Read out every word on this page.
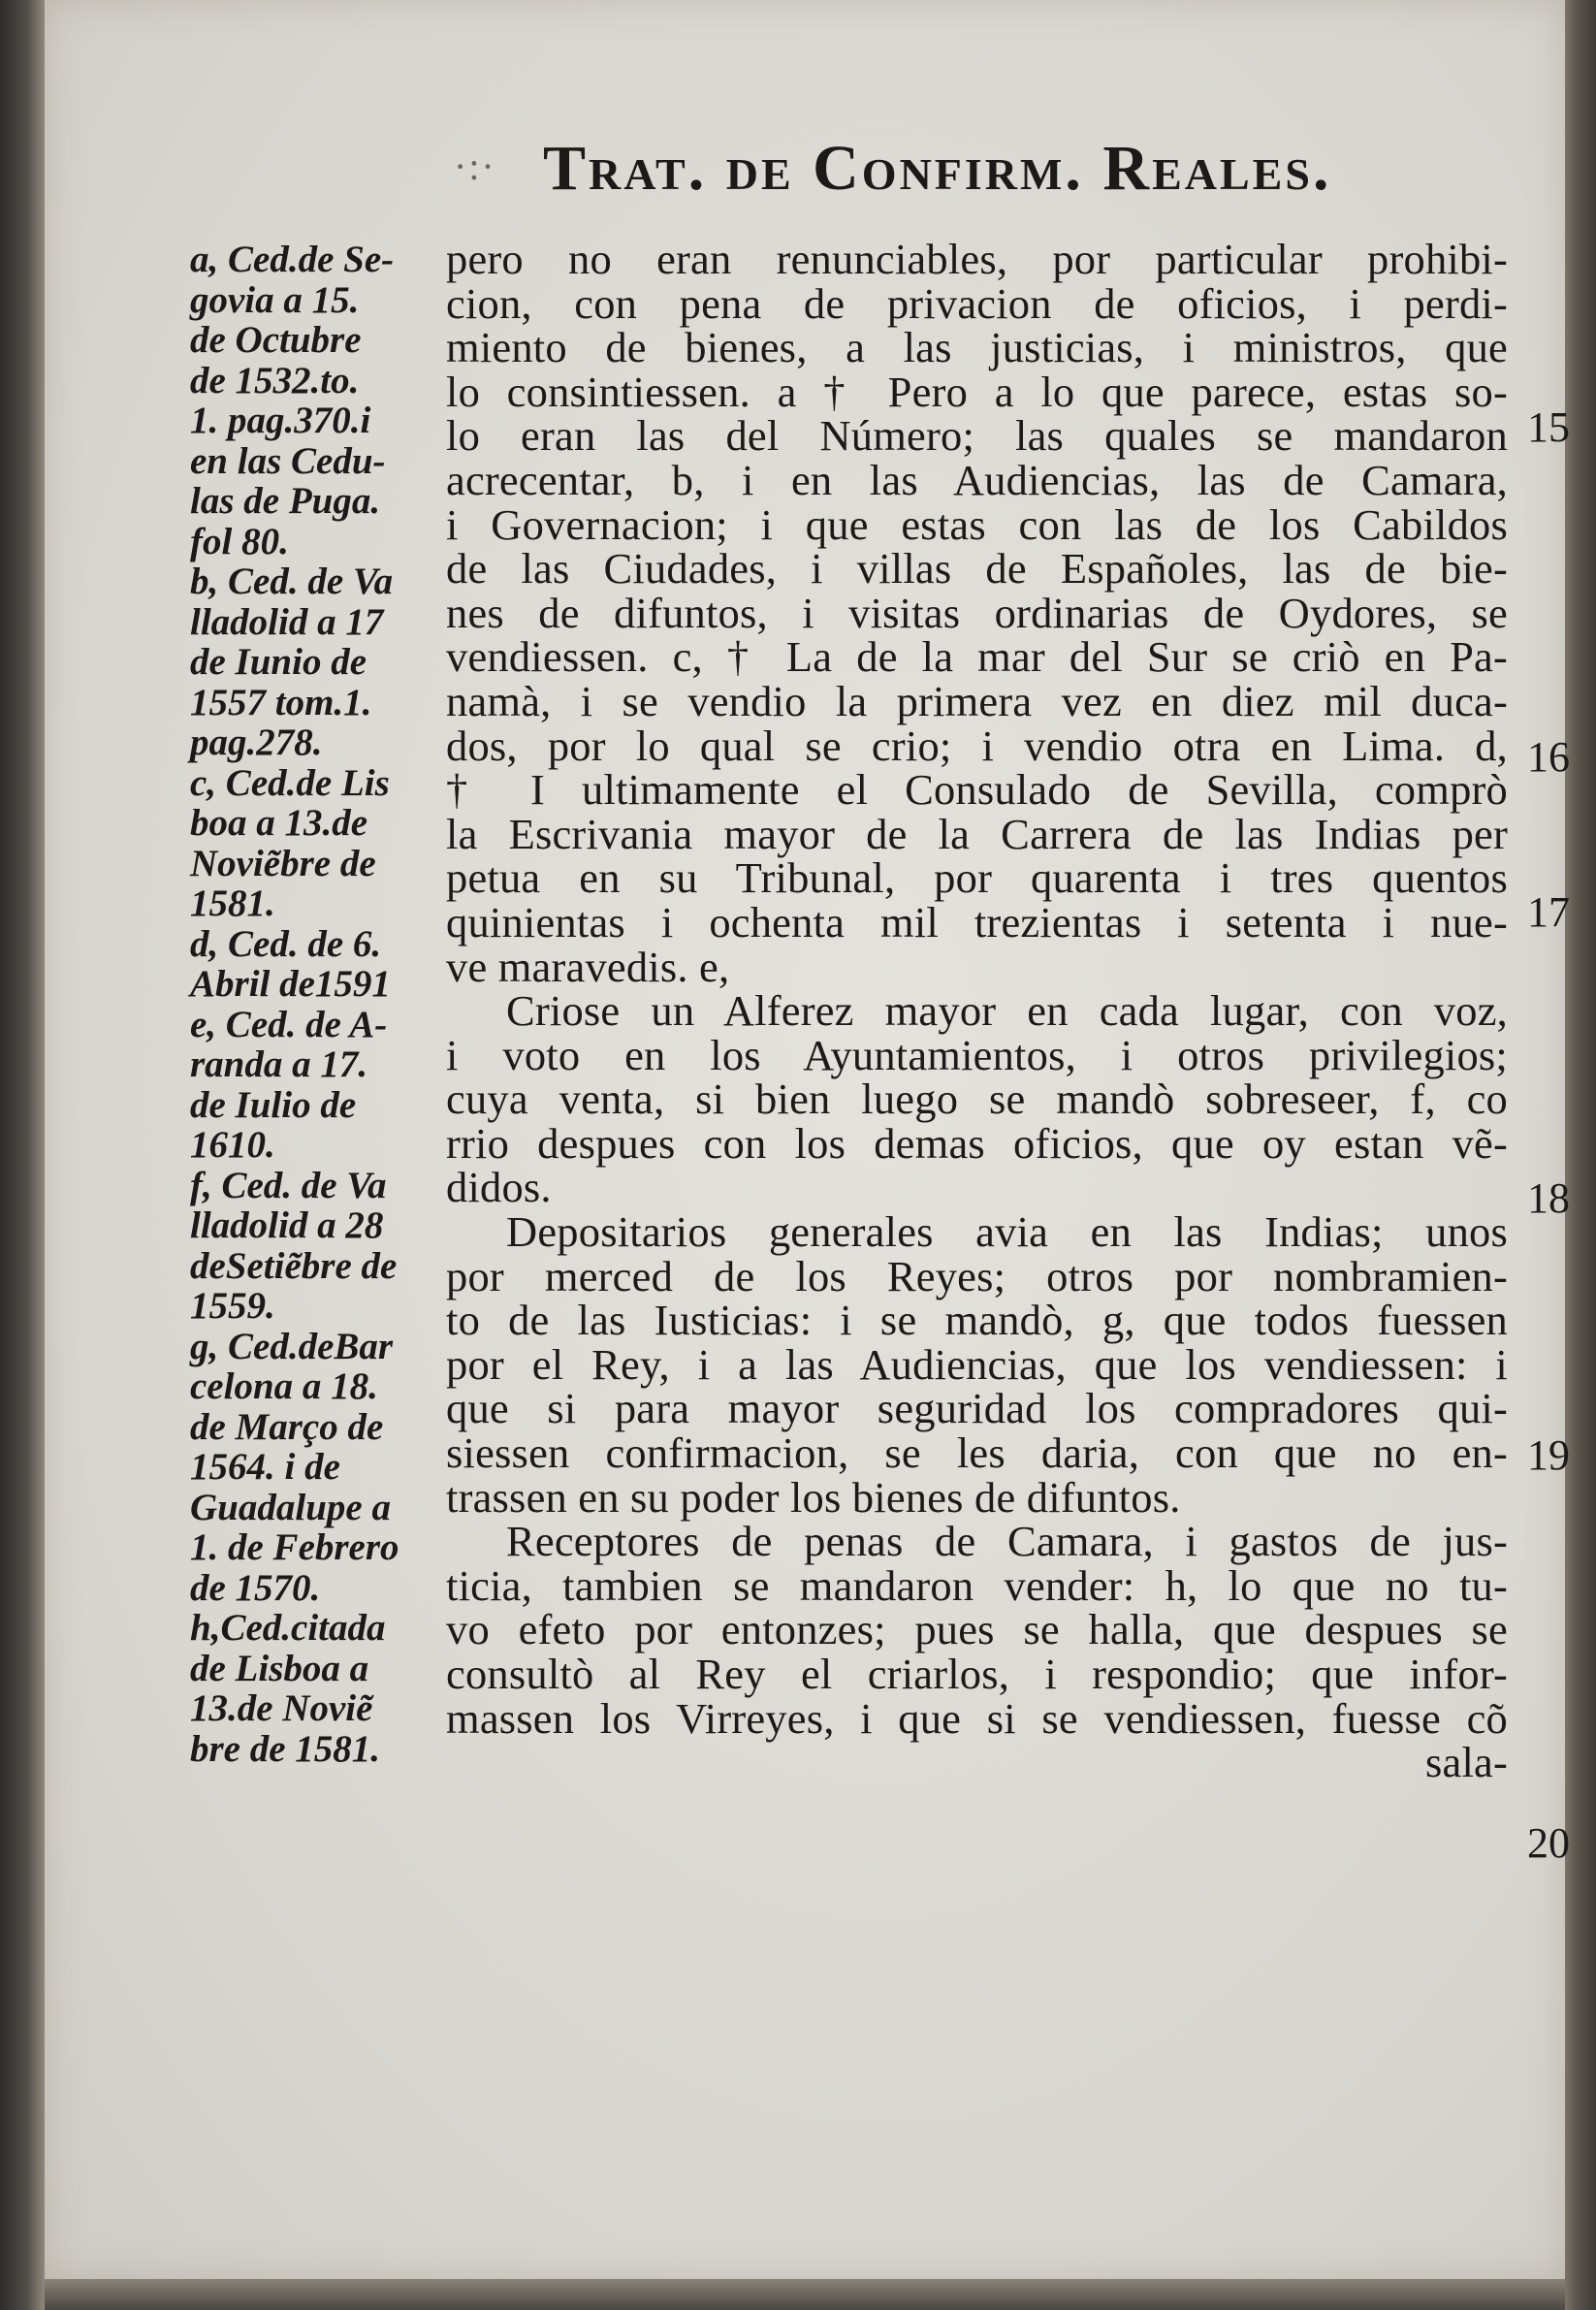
·:· Trat. de Confirm. Reales.
a, Ced.de Se-
govia a 15.
de Octubre
de 1532.to.
1. pag.370.i
en las Cedu-
las de Puga.
fol 80.
b, Ced. de Va
lladolid a 17
de Iunio de
1557 tom.1.
pag.278.
c, Ced.de Lis
boa a 13.de
Noviẽbre de
1581.
d, Ced. de 6.
Abril de1591
e, Ced. de A-
randa a 17.
de Iulio de
1610.
f, Ced. de Va
lladolid a 28
deSetiẽbre de
1559.
g, Ced.deBar
celona a 18.
de Março de
1564. i de
Guadalupe a
1. de Febrero
de 1570.
h,Ced.citada
de Lisboa a
13.de Noviẽ
bre de 1581.
pero no eran renunciables, por particular prohibi-
cion, con pena de privacion de oficios, i perdi-
miento de bienes, a las justicias, i ministros, que
lo consintiessen. a † Pero a lo que parece, estas so-
lo eran las del Número; las quales se mandaron
acrecentar, b, i en las Audiencias, las de Camara,
i Governacion; i que estas con las de los Cabildos
de las Ciudades, i villas de Españoles, las de bie-
nes de difuntos, i visitas ordinarias de Oydores, se
vendiessen. c, † La de la mar del Sur se criò en Pa-
namà, i se vendio la primera vez en diez mil duca-
dos, por lo qual se crio; i vendio otra en Lima. d,
† I ultimamente el Consulado de Sevilla, comprò
la Escrivania mayor de la Carrera de las Indias per
petua en su Tribunal, por quarenta i tres quentos
quinientas i ochenta mil trezientas i setenta i nue-
ve maravedis. e,
Criose un Alferez mayor en cada lugar, con voz,
i voto en los Ayuntamientos, i otros privilegios;
cuya venta, si bien luego se mandò sobreseer, f, co
rrio despues con los demas oficios, que oy estan vẽ-
didos.
Depositarios generales avia en las Indias; unos
por merced de los Reyes; otros por nombramien-
to de las Iusticias: i se mandò, g, que todos fuessen
por el Rey, i a las Audiencias, que los vendiessen: i
que si para mayor seguridad los compradores qui-
siessen confirmacion, se les daria, con que no en-
trassen en su poder los bienes de difuntos.
Receptores de penas de Camara, i gastos de jus-
ticia, tambien se mandaron vender: h, lo que no tu-
vo efeto por entonzes; pues se halla, que despues se
consultò al Rey el criarlos, i respondio; que infor-
massen los Virreyes, i que si se vendiessen, fuesse cõ
sala-
15
16
17
18
19
20
